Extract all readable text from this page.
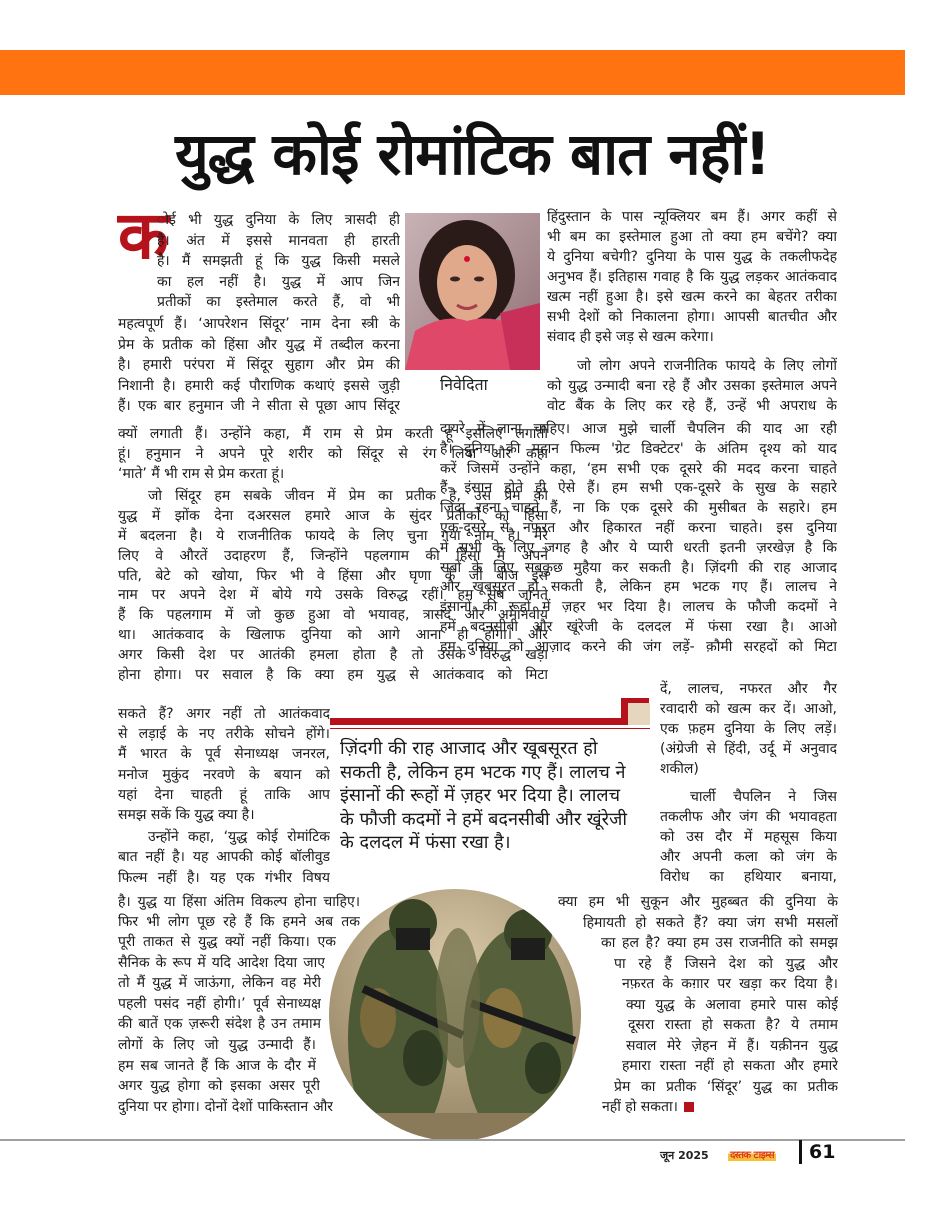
युद्ध कोई रोमांटिक बात नहीं!
क
ोई भी युद्ध दुनिया के लिए त्रासदी ही
है। अंत में इससे मानवता ही हारती
है। मैं समझती हूं कि युद्ध किसी मसले
का हल नहीं है। युद्ध में आप जिन
प्रतीकों का इस्तेमाल करते हैं, वो भी
महत्वपूर्ण हैं। ‘आपरेशन सिंदूर’ नाम देना स्त्री के
प्रेम के प्रतीक को हिंसा और युद्ध में तब्दील करना
है। हमारी परंपरा में सिंदूर सुहाग और प्रेम की
निशानी है। हमारी कई पौराणिक कथाएं इससे जुड़ी
हैं। एक बार हनुमान जी ने सीता से पूछा आप सिंदूर
क्यों लगाती हैं। उन्होंने कहा, मैं राम से प्रेम करती हूं इसलिए लगाती
हूं। हनुमान ने अपने पूरे शरीर को सिंदूर से रंग लिया और कहा
‘माते’ मैं भी राम से प्रेम करता हूं।
जो सिंदूर हम सबके जीवन में प्रेम का प्रतीक है, उस प्रेम को
युद्ध में झोंक देना दअरसल हमारे आज के सुंदर प्रतीकों को हिंसा
में बदलना है। ये राजनीतिक फायदे के लिए चुना गया नाम है। मेरे
लिए वे औरतें उदाहरण हैं, जिन्होंने पहलगाम की हिंसा में अपने
पति, बेटे को खोया, फिर भी वे हिंसा और घृणा के जो बीज इस
नाम पर अपने देश में बोये गये उसके विरुद्ध रहीं। हम सब जानते
हैं कि पहलगाम में जो कुछ हुआ वो भयावह, त्रासद और अमानवीय
था। आतंकवाद के खिलाफ दुनिया को आगे आना ही होगा। और
अगर किसी देश पर आतंकी हमला होता है तो उसके विरुद्ध खड़ा
होना होगा। पर सवाल है कि क्या हम युद्ध से आतंकवाद को मिटा
सकते हैं? अगर नहीं तो आतंकवाद
से लड़ाई के नए तरीके सोचने होंगे।
मैं भारत के पूर्व सेनाध्यक्ष जनरल,
मनोज मुकुंद नरवणे के बयान को
यहां देना चाहती हूं ताकि आप
समझ सकें कि युद्ध क्या है।
उन्होंने कहा, ‘युद्ध कोई रोमांटिक
बात नहीं है। यह आपकी कोई बॉलीवुड
फिल्म नहीं है। यह एक गंभीर विषय
है। युद्ध या हिंसा अंतिम विकल्प होना चाहिए।
फिर भी लोग पूछ रहे हैं कि हमने अब तक
पूरी ताकत से युद्ध क्यों नहीं किया। एक
सैनिक के रूप में यदि आदेश दिया जाए
तो मैं युद्ध में जाऊंगा, लेकिन वह मेरी
पहली पसंद नहीं होगी।’ पूर्व सेनाध्यक्ष
की बातें एक ज़रूरी संदेश है उन तमाम
लोगों के लिए जो युद्ध उन्मादी हैं।
हम सब जानते हैं कि आज के दौर में
अगर युद्ध होगा को इसका असर पूरी
दुनिया पर होगा। दोनों देशों पाकिस्तान और
हिंदुस्तान के पास न्यूक्लियर बम हैं। अगर कहीं से
भी बम का इस्तेमाल हुआ तो क्या हम बचेंगे? क्या
ये दुनिया बचेगी? दुनिया के पास युद्ध के तकलीफदेह
अनुभव हैं। इतिहास गवाह है कि युद्ध लड़कर आतंकवाद
खत्म नहीं हुआ है। इसे खत्म करने का बेहतर तरीका
सभी देशों को निकालना होगा। आपसी बातचीत और
संवाद ही इसे जड़ से खत्म करेगा।
जो लोग अपने राजनीतिक फायदे के लिए लोगों
को युद्ध उन्मादी बना रहे हैं और उसका इस्तेमाल अपने
वोट बैंक के लिए कर रहे हैं, उन्हें भी अपराध के
दायरे में लाना चाहिए। आज मुझे चार्ली चैपलिन की याद आ रही
है। दुनिया की महान फिल्म 'ग्रेट डिक्टेटर' के अंतिम दृश्य को याद
करें जिसमें उन्होंने कहा, ‘हम सभी एक दूसरे की मदद करना चाहते
हैं- इंसान होते ही ऐसे हैं। हम सभी एक-दूसरे के सुख के सहारे
जिंदा रहना चाहते हैं, ना कि एक दूसरे की मुसीबत के सहारे। हम
एक-दूसरे से नफ़रत और हिकारत नहीं करना चाहते। इस दुनिया
में सभी के लिए जगह है और ये प्यारी धरती इतनी ज़रखेज़ है कि
सबों के लिए सबकुछ मुहैया कर सकती है। ज़िंदगी की राह आजाद
और खूबसूरत हो सकती है, लेकिन हम भटक गए हैं। लालच ने
इंसानों की रूहों में ज़हर भर दिया है। लालच के फौजी कदमों ने
हमें बदनसीबी और खूंरेजी के दलदल में फंसा रखा है। आओ
हम दुनिया को आज़ाद करने की जंग लड़ें- क़ौमी सरहदों को मिटा
दें, लालच, नफरत और गैर
रवादारी को खत्म कर दें। आओ,
एक फ़हम दुनिया के लिए लड़ें।
(अंग्रेजी से हिंदी, उर्दू में अनुवाद
शकील)
चार्ली चैपलिन ने जिस
तकलीफ और जंग की भयावहता
को उस दौर में महसूस किया
और अपनी कला को जंग के
विरोध का हथियार बनाया,
क्या हम भी सुकून और मुहब्बत की दुनिया के
हिमायती हो सकते हैं? क्या जंग सभी मसलों
का हल है? क्या हम उस राजनीति को समझ
पा रहे हैं जिसने देश को युद्ध और
नफ़रत के कग़ार पर खड़ा कर दिया है।
क्या युद्ध के अलावा हमारे पास कोई
दूसरा रास्ता हो सकता है? ये तमाम
सवाल मेरे ज़ेहन में हैं। यक़ीनन युद्ध
हमारा रास्ता नहीं हो सकता और हमारे
प्रेम का प्रतीक ‘सिंदूर’ युद्ध का प्रतीक
नहीं हो सकता।
निवेदिता
ज़िंदगी की राह आजाद और खूबसूरत हो
सकती है, लेकिन हम भटक गए हैं। लालच ने
इंसानों की रूहों में ज़हर भर दिया है। लालच
के फौजी कदमों ने हमें बदनसीबी और खूंरेजी
के दलदल में फंसा रखा है।
जून 2025 दस्तक टाइम्स 61
